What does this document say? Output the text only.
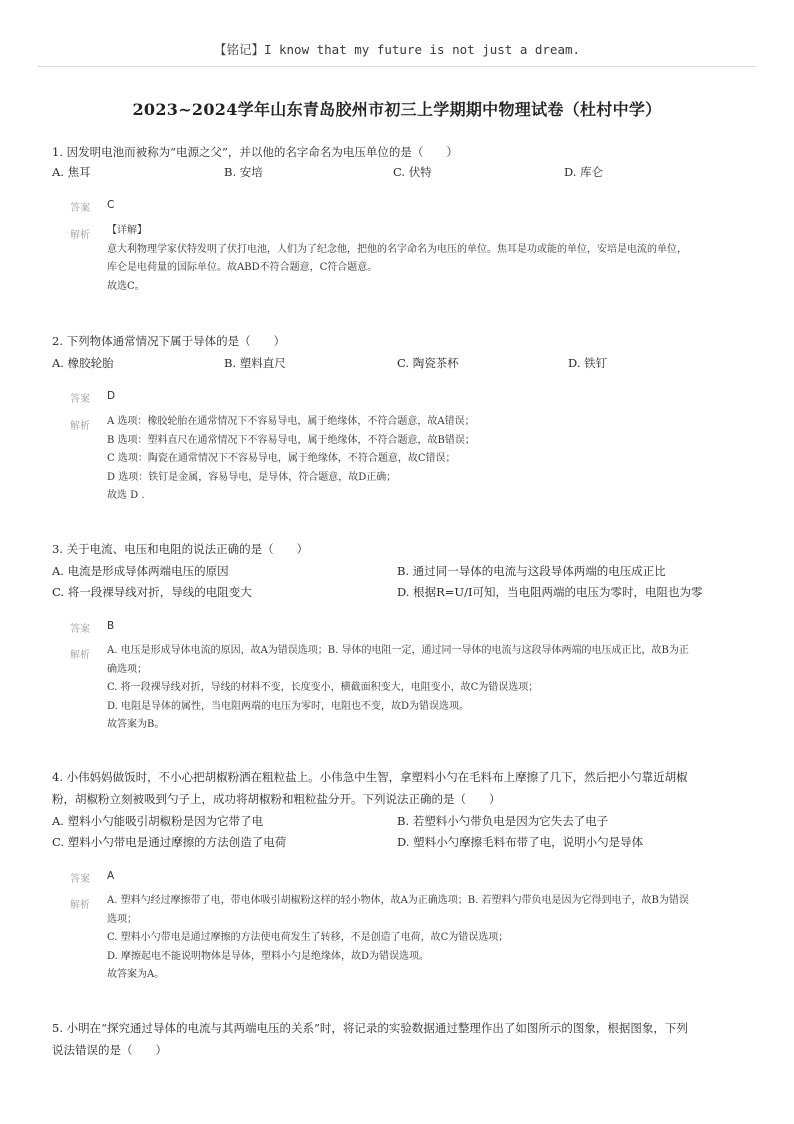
【铭记】I know that my future is not just a dream.
2023~2024学年山东青岛胶州市初三上学期期中物理试卷（杜村中学）
1. 因发明电池而被称为“电源之父”，并以他的名字命名为电压单位的是（　　）
A. 焦耳	B. 安培	C. 伏特	D. 库仑
答案 C
解析 【详解】
意大利物理学家伏特发明了伏打电池，人们为了纪念他，把他的名字命名为电压的单位。焦耳是功或能的单位，安培是电流的单位，
库仑是电荷量的国际单位。故ABD不符合题意，C符合题意。
故选C。
2. 下列物体通常情况下属于导体的是（　　）
A. 橡胶轮胎	B. 塑料直尺	C. 陶瓷茶杯	D. 铁钉
答案 D
解析 A 选项：橡胶轮胎在通常情况下不容易导电，属于绝缘体，不符合题意，故A错误；
B 选项：塑料直尺在通常情况下不容易导电，属于绝缘体，不符合题意，故B错误；
C 选项：陶瓷在通常情况下不容易导电，属于绝缘体，不符合题意，故C错误；
D 选项：铁钉是金属，容易导电，是导体，符合题意，故D正确；
故选 D .
3. 关于电流、电压和电阻的说法正确的是（　　）
A. 电流是形成导体两端电压的原因	B. 通过同一导体的电流与这段导体两端的电压成正比
C. 将一段裸导线对折，导线的电阻变大	D. 根据R=U/I可知，当电阻两端的电压为零时，电阻也为零
答案 B
解析 A. 电压是形成导体电流的原因，故A为错误选项；B. 导体的电阻一定，通过同一导体的电流与这段导体两端的电压成正比，故B为正
确选项；
C. 将一段裸导线对折，导线的材料不变，长度变小，横截面积变大，电阻变小，故C为错误选项；
D. 电阻是导体的属性，当电阻两端的电压为零时，电阻也不变，故D为错误选项。
故答案为B。
4. 小伟妈妈做饭时，不小心把胡椒粉洒在粗粒盐上。小伟急中生智，拿塑料小勺在毛料布上摩擦了几下，然后把小勺靠近胡椒
粉，胡椒粉立刻被吸到勺子上，成功将胡椒粉和粗粒盐分开。下列说法正确的是（　　）
A. 塑料小勺能吸引胡椒粉是因为它带了电	B. 若塑料小勺带负电是因为它失去了电子
C. 塑料小勺带电是通过摩擦的方法创造了电荷	D. 塑料小勺摩擦毛料布带了电，说明小勺是导体
答案 A
解析 A. 塑料勺经过摩擦带了电，带电体吸引胡椒粉这样的轻小物体，故A为正确选项；B. 若塑料勺带负电是因为它得到电子，故B为错误
选项；
C. 塑料小勺带电是通过摩擦的方法使电荷发生了转移，不是创造了电荷，故C为错误选项；
D. 摩擦起电不能说明物体是导体，塑料小勺是绝缘体，故D为错误选项。
故答案为A。
5. 小明在“探究通过导体的电流与其两端电压的关系”时，将记录的实验数据通过整理作出了如图所示的图象，根据图象，下列
说法错误的是（　　）
